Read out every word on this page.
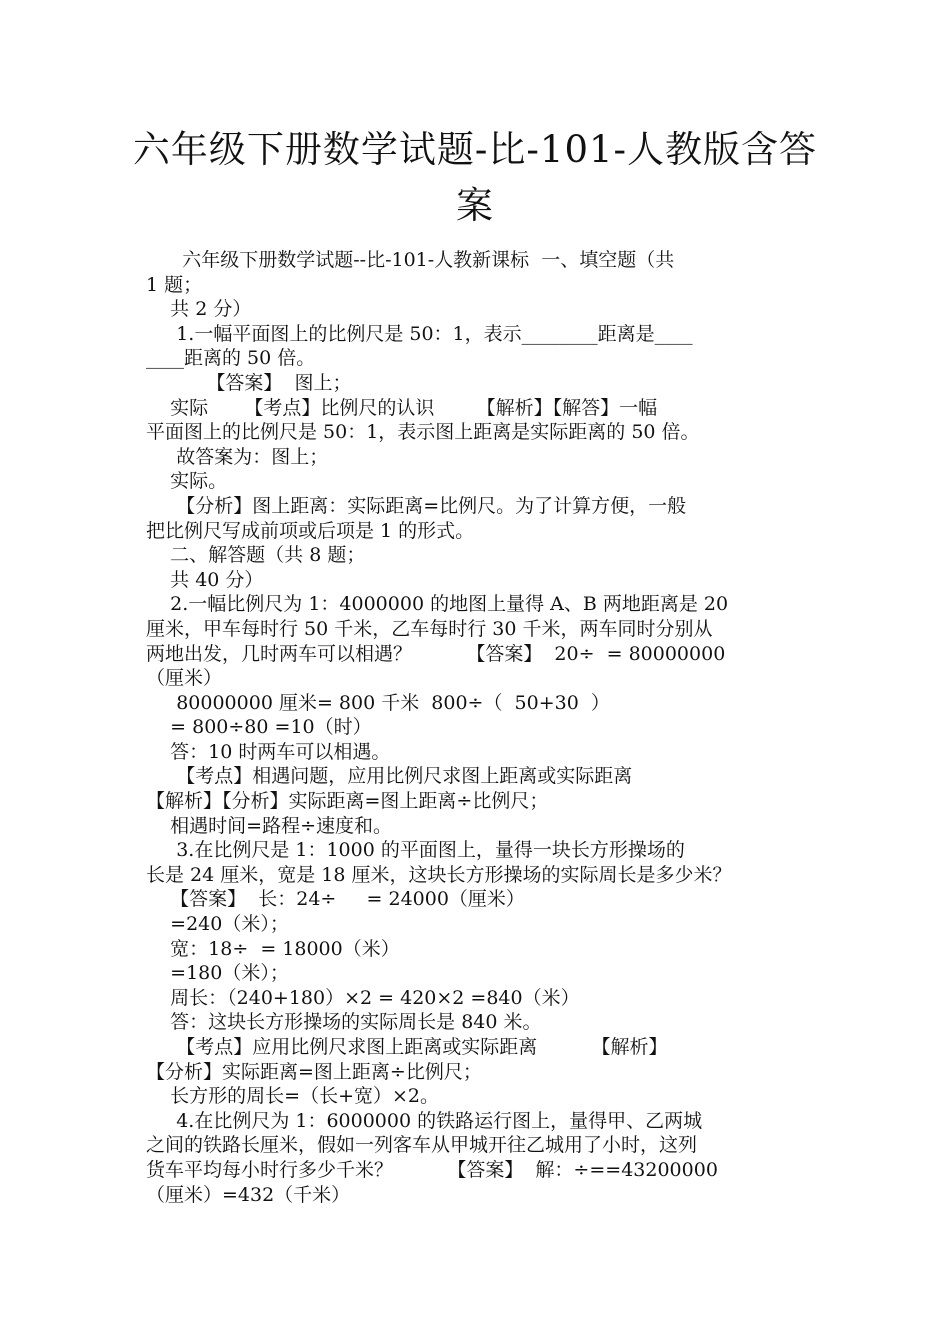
六年级下册数学试题-比-101-人教版含答
案
六年级下册数学试题--比-101-人教新课标  一、填空题（共
1 题；
共 2 分）
1.一幅平面图上的比例尺是 50：1，表示________距离是____
____距离的 50 倍。
【答案】  图上；
实际      【考点】比例尺的认识       【解析】【解答】一幅
平面图上的比例尺是 50：1，表示图上距离是实际距离的 50 倍。
故答案为：图上；
实际。
【分析】图上距离：实际距离=比例尺。为了计算方便，一般
把比例尺写成前项或后项是 1 的形式。
二、解答题（共 8 题；
共 40 分）
2.一幅比例尺为 1：4000000 的地图上量得 A、B 两地距离是 20
厘米，甲车每时行 50 千米，乙车每时行 30 千米，两车同时分别从
两地出发，几时两车可以相遇？         【答案】  20÷  = 80000000
（厘米）
80000000 厘米= 800 千米  800÷（  50+30  ）
= 800÷80 =10（时）
答：10 时两车可以相遇。
【考点】相遇问题，应用比例尺求图上距离或实际距离
【解析】【分析】实际距离=图上距离÷比例尺；
相遇时间=路程÷速度和。
3.在比例尺是 1：1000 的平面图上，量得一块长方形操场的
长是 24 厘米，宽是 18 厘米，这块长方形操场的实际周长是多少米？
【答案】  长：24÷     = 24000（厘米）
=240（米）；
宽：18÷  = 18000（米）
=180（米）；
周长：（240+180）×2 = 420×2 =840（米）
答：这块长方形操场的实际周长是 840 米。
【考点】应用比例尺求图上距离或实际距离         【解析】
【分析】实际距离=图上距离÷比例尺；
长方形的周长=（长+宽）×2。
4.在比例尺为 1：6000000 的铁路运行图上，量得甲、乙两城
之间的铁路长厘米，假如一列客车从甲城开往乙城用了小时，这列
货车平均每小时行多少千米？         【答案】  解：÷==43200000
（厘米）=432（千米）
